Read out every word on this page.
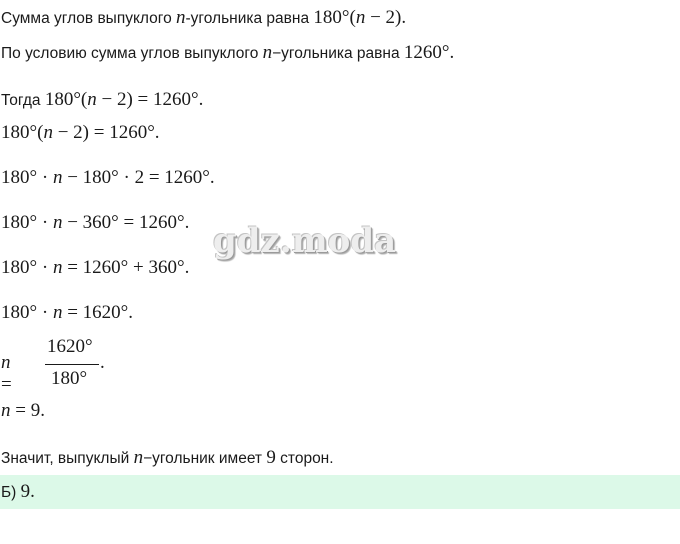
Сумма углов выпуклого n-угольника равна 180°(n − 2).
По условию сумма углов выпуклого n−угольника равна 1260°.
Тогда 180°(n − 2) = 1260°.
180°(n − 2) = 1260°.
180° · n − 180° · 2 = 1260°.
180° · n − 360° = 1260°.
180° · n = 1260° + 360°.
180° · n = 1620°.
n =
1620°
180°
.
n = 9.
Значит, выпуклый n−угольник имеет 9 сторон.
Б) 9.
gdz.moda
